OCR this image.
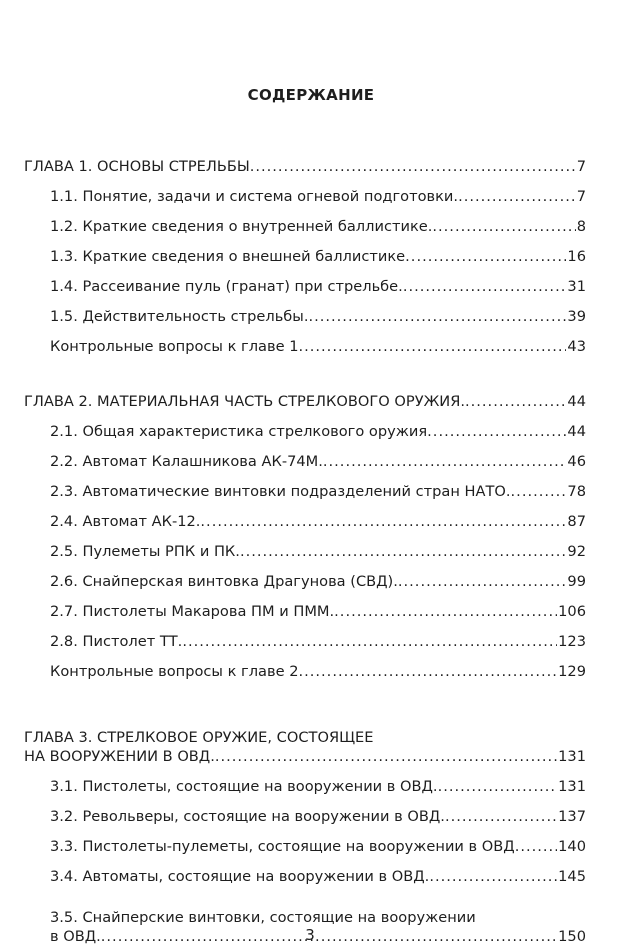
СОДЕРЖАНИЕ
ГЛАВА 1. ОСНОВЫ СТРЕЛЬБЫ .....	7
1.1. Понятие, задачи и система огневой подготовки. .....	7
1.2. Краткие сведения о внутренней баллистике. .....	8
1.3. Краткие сведения о внешней баллистике .....	16
1.4. Рассеивание пуль (гранат) при стрельбе. .....	31
1.5. Действительность стрельбы. .....	39
Контрольные вопросы к главе 1 .....	43
ГЛАВА 2. МАТЕРИАЛЬНАЯ ЧАСТЬ СТРЕЛКОВОГО ОРУЖИЯ. .....	44
2.1. Общая характеристика стрелкового оружия .....	44
2.2. Автомат Калашникова АК-74М. .....	46
2.3. Автоматические винтовки подразделений стран НАТО. .....	78
2.4. Автомат АК-12. .....	87
2.5. Пулеметы РПК и ПК. .....	92
2.6. Снайперская винтовка Драгунова (СВД). .....	99
2.7. Пистолеты Макарова ПМ и ПММ. .....	106
2.8. Пистолет ТТ. .....	123
Контрольные вопросы к главе 2 .....	129
ГЛАВА 3. СТРЕЛКОВОЕ ОРУЖИЕ, СОСТОЯЩЕЕ
НА ВООРУЖЕНИИ В ОВД. .....	131
3.1. Пистолеты, состоящие на вооружении в ОВД. .....	131
3.2. Револьверы, состоящие на вооружении в ОВД. .....	137
3.3. Пистолеты-пулеметы, состоящие на вооружении в ОВД .....	140
3.4. Автоматы, состоящие на вооружении в ОВД. .....	145
3.5. Снайперские винтовки, состоящие на вооружении
в ОВД. .....	150
3
